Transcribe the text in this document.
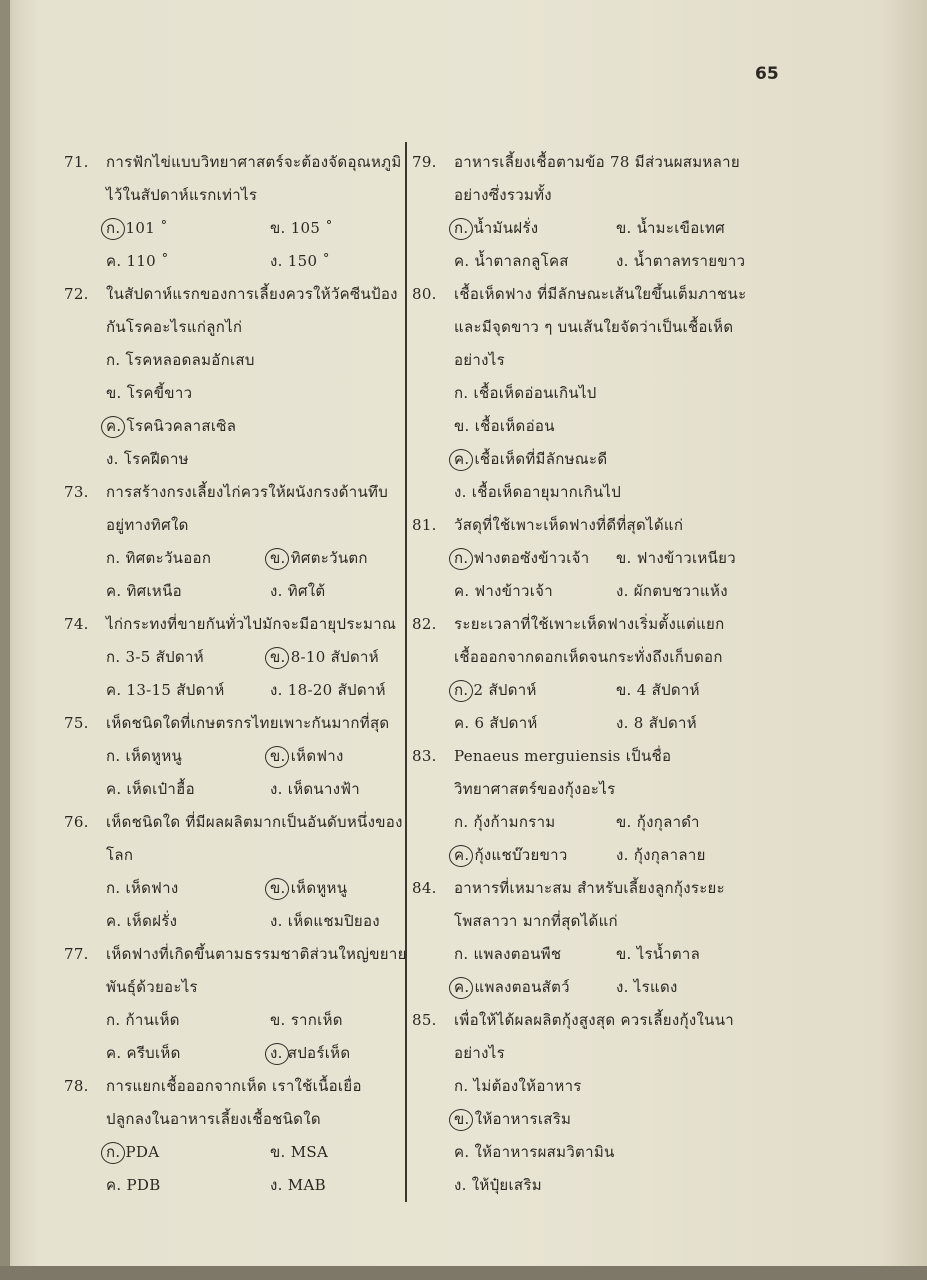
65
71.	การฟักไข่แบบวิทยาศาสตร์จะต้องจัดอุณหภูมิ
ไว้ในสัปดาห์แรกเท่าไร
ก. 101 ˚	ข. 105 ˚
ค. 110 ˚	ง. 150 ˚
72.	ในสัปดาห์แรกของการเลี้ยงควรให้วัคซีนป้อง
กันโรคอะไรแก่ลูกไก่
ก. โรคหลอดลมอักเสบ
ข. โรคขี้ขาว
ค. โรคนิวคลาสเซิล
ง. โรคฝีดาษ
73.	การสร้างกรงเลี้ยงไก่ควรให้ผนังกรงด้านทึบ
อยู่ทางทิศใด
ก. ทิศตะวันออก	ข. ทิศตะวันตก
ค. ทิศเหนือ	ง. ทิศใต้
74.	ไก่กระทงที่ขายกันทั่วไปมักจะมีอายุประมาณ
ก. 3-5 สัปดาห์	ข. 8-10 สัปดาห์
ค. 13-15 สัปดาห์	ง. 18-20 สัปดาห์
75.	เห็ดชนิดใดที่เกษตรกรไทยเพาะกันมากที่สุด
ก. เห็ดหูหนู	ข. เห็ดฟาง
ค. เห็ดเป๋าฮื้อ	ง. เห็ดนางฟ้า
76.	เห็ดชนิดใด ที่มีผลผลิตมากเป็นอันดับหนึ่งของ
โลก
ก. เห็ดฟาง	ข. เห็ดหูหนู
ค. เห็ดฝรั่ง	ง. เห็ดแชมปิยอง
77.	เห็ดฟางที่เกิดขึ้นตามธรรมชาติส่วนใหญ่ขยาย
พันธุ์ด้วยอะไร
ก. ก้านเห็ด	ข. รากเห็ด
ค. ครีบเห็ด	ง. สปอร์เห็ด
78.	การแยกเชื้อออกจากเห็ด เราใช้เนื้อเยื่อ
ปลูกลงในอาหารเลี้ยงเชื้อชนิดใด
ก. PDA	ข. MSA
ค. PDB	ง. MAB
79.	อาหารเลี้ยงเชื้อตามข้อ 78 มีส่วนผสมหลาย
อย่างซึ่งรวมทั้ง
ก. น้ำมันฝรั่ง	ข. น้ำมะเขือเทศ
ค. น้ำตาลกลูโคส	ง. น้ำตาลทรายขาว
80.	เชื้อเห็ดฟาง ที่มีลักษณะเส้นใยขึ้นเต็มภาชนะ
และมีจุดขาว ๆ บนเส้นใยจัดว่าเป็นเชื้อเห็ด
อย่างไร
ก. เชื้อเห็ดอ่อนเกินไป
ข. เชื้อเห็ดอ่อน
ค. เชื้อเห็ดที่มีลักษณะดี
ง. เชื้อเห็ดอายุมากเกินไป
81.	วัสดุที่ใช้เพาะเห็ดฟางที่ดีที่สุดได้แก่
ก. ฟางตอซังข้าวเจ้า ข. ฟางข้าวเหนียว
ค. ฟางข้าวเจ้า	ง. ผักตบชวาแห้ง
82.	ระยะเวลาที่ใช้เพาะเห็ดฟางเริ่มตั้งแต่แยก
เชื้อออกจากดอกเห็ดจนกระทั่งถึงเก็บดอก
ก. 2 สัปดาห์	ข. 4 สัปดาห์
ค. 6 สัปดาห์	ง. 8 สัปดาห์
83.	Penaeus merguiensis เป็นชื่อ
วิทยาศาสตร์ของกุ้งอะไร
ก. กุ้งก้ามกราม	ข. กุ้งกุลาดำ
ค. กุ้งแชบ๊วยขาว	ง. กุ้งกุลาลาย
84.	อาหารที่เหมาะสม สำหรับเลี้ยงลูกกุ้งระยะ
โพสลาวา มากที่สุดได้แก่
ก. แพลงตอนพืช	ข. ไรน้ำตาล
ค. แพลงตอนสัตว์	ง. ไรแดง
85.	เพื่อให้ได้ผลผลิตกุ้งสูงสุด ควรเลี้ยงกุ้งในนา
อย่างไร
ก. ไม่ต้องให้อาหาร
ข. ให้อาหารเสริม
ค. ให้อาหารผสมวิตามิน
ง. ให้ปุ๋ยเสริม
